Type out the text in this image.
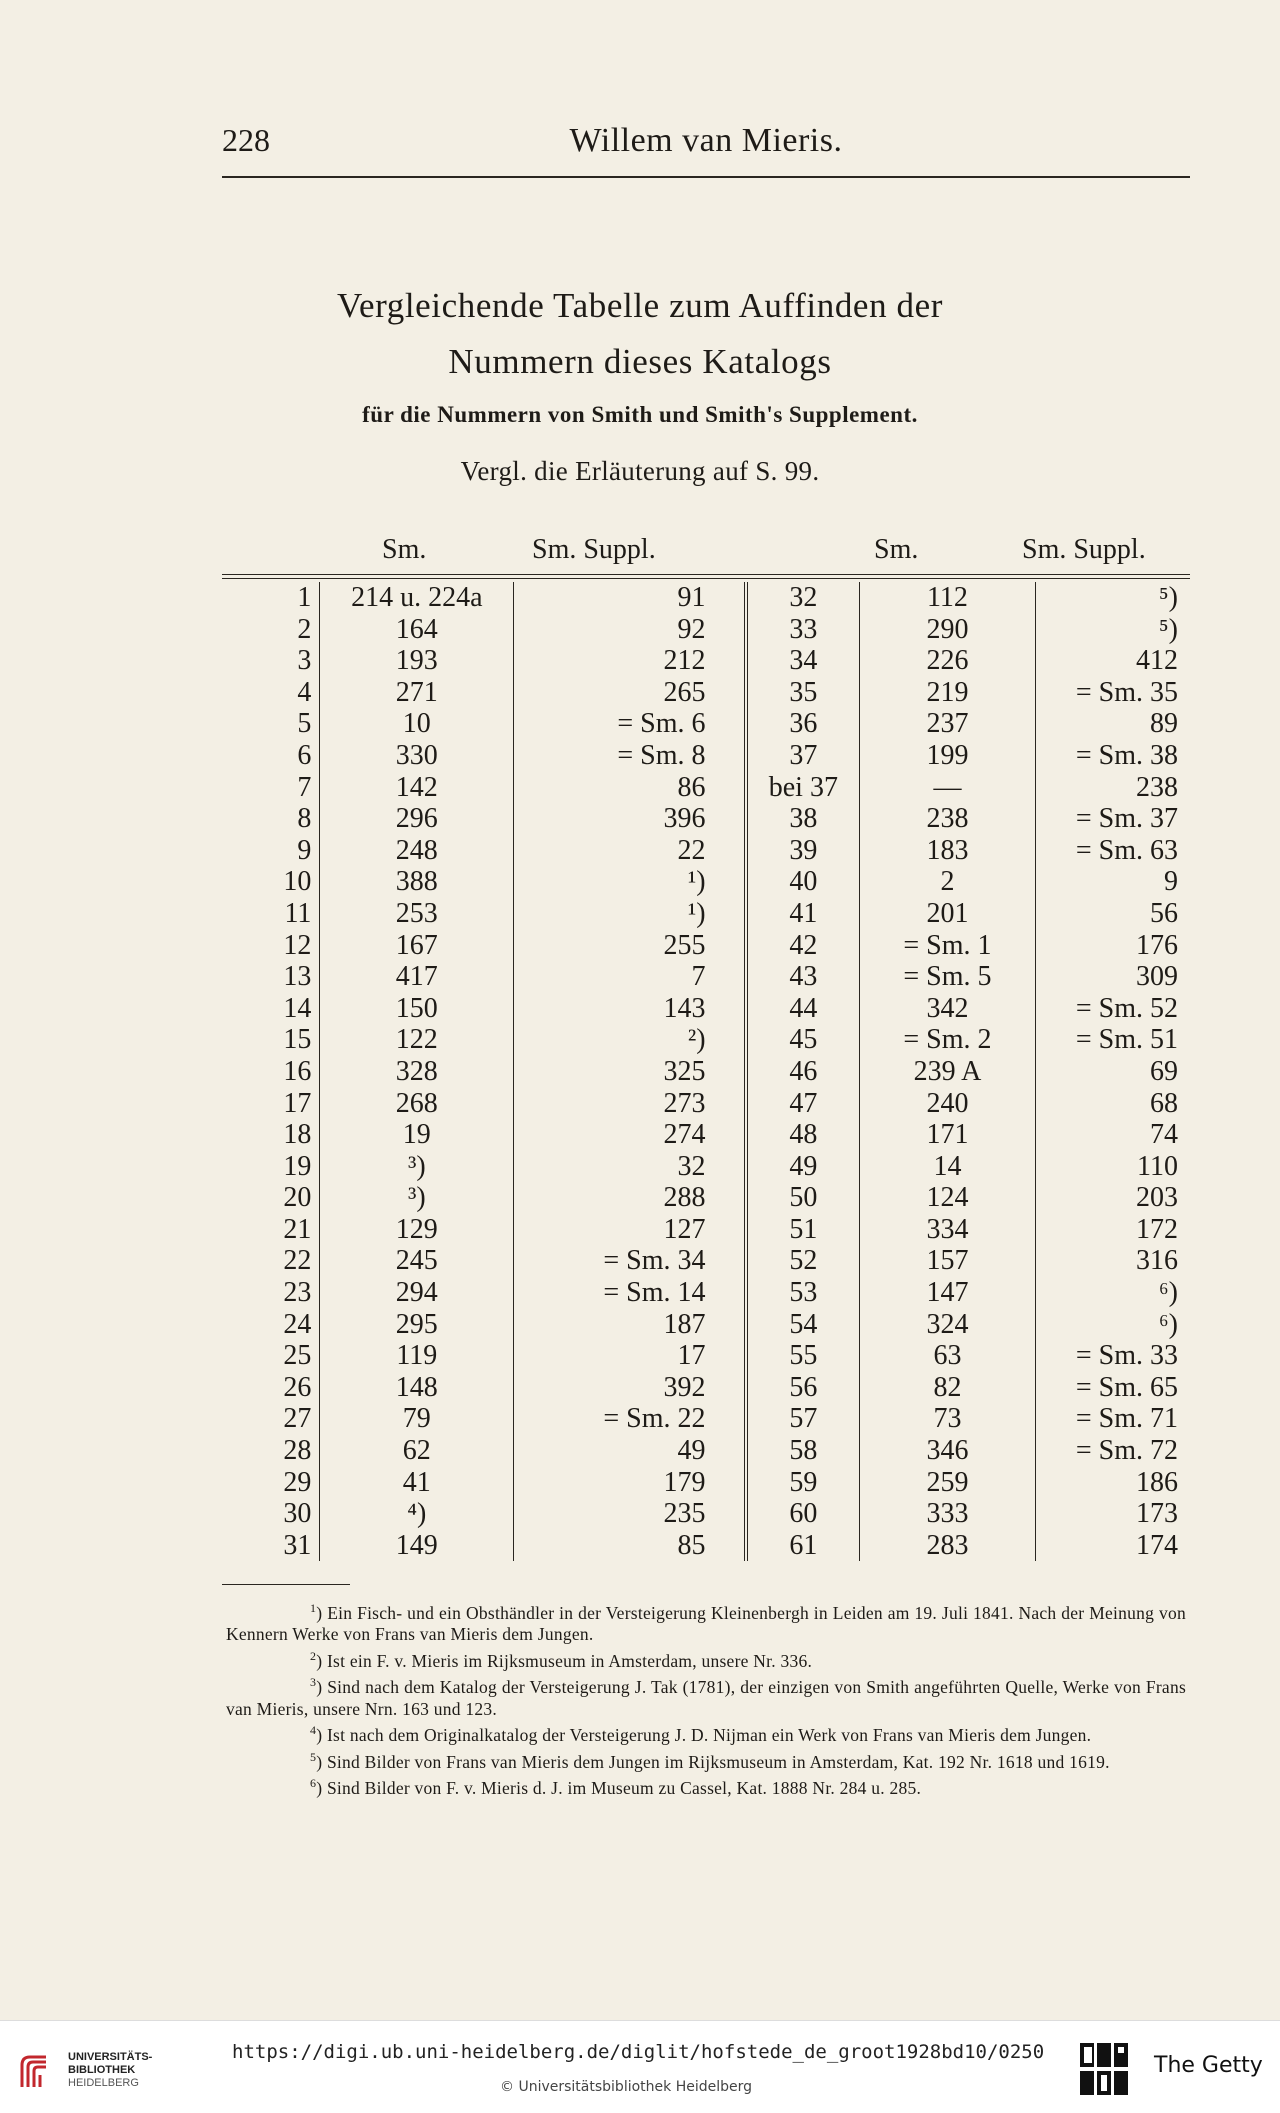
228	Willem van Mieris.
Vergleichende Tabelle zum Auffinden der
Nummern dieses Katalogs
für die Nummern von Smith und Smith's Supplement.
Vergl. die Erläuterung auf S. 99.
Sm.	Sm. Suppl.	Sm.	Sm. Suppl.
1	214 u. 224a	91	32	112	⁵)
2	164	92	33	290	⁵)
3	193	212	34	226	412
4	271	265	35	219	= Sm. 35
5	10	= Sm. 6	36	237	89
6	330	= Sm. 8	37	199	= Sm. 38
7	142	86	bei 37	—	238
8	296	396	38	238	= Sm. 37
9	248	22	39	183	= Sm. 63
10	388	¹)	40	2	9
11	253	¹)	41	201	56
12	167	255	42	= Sm. 1	176
13	417	7	43	= Sm. 5	309
14	150	143	44	342	= Sm. 52
15	122	²)	45	= Sm. 2	= Sm. 51
16	328	325	46	239 A	69
17	268	273	47	240	68
18	19	274	48	171	74
19	³)	32	49	14	110
20	³)	288	50	124	203
21	129	127	51	334	172
22	245	= Sm. 34	52	157	316
23	294	= Sm. 14	53	147	⁶)
24	295	187	54	324	⁶)
25	119	17	55	63	= Sm. 33
26	148	392	56	82	= Sm. 65
27	79	= Sm. 22	57	73	= Sm. 71
28	62	49	58	346	= Sm. 72
29	41	179	59	259	186
30	⁴)	235	60	333	173
31	149	85	61	283	174

$^1$) Ein Fisch- und ein Obsthändler in der Versteigerung Kleinenbergh in Leiden am 19. Juli 1841. Nach der Meinung von Kennern Werke von Frans van Mieris dem Jungen.

$^2$) Ist ein F. v. Mieris im Rijksmuseum in Amsterdam, unsere Nr. 336.

$^3$) Sind nach dem Katalog der Versteigerung J. Tak (1781), der einzigen von Smith angeführten Quelle, Werke von Frans van Mieris, unsere Nrn. 163 und 123.

$^4$) Ist nach dem Originalkatalog der Versteigerung J. D. Nijman ein Werk von Frans van Mieris dem Jungen.

$^5$) Sind Bilder von Frans van Mieris dem Jungen im Rijksmuseum in Amsterdam, Kat. 192 Nr. 1618 und 1619.

$^6$) Sind Bilder von F. v. Mieris d. J. im Museum zu Cassel, Kat. 1888 Nr. 284 u. 285.

UNIVERSITÄTS-
BIBLIOTHEK
HEIDELBERG
https://digi.ub.uni-heidelberg.de/diglit/hofstede_de_groot1928bd10/0250
© Universitätsbibliothek Heidelberg
The Getty
